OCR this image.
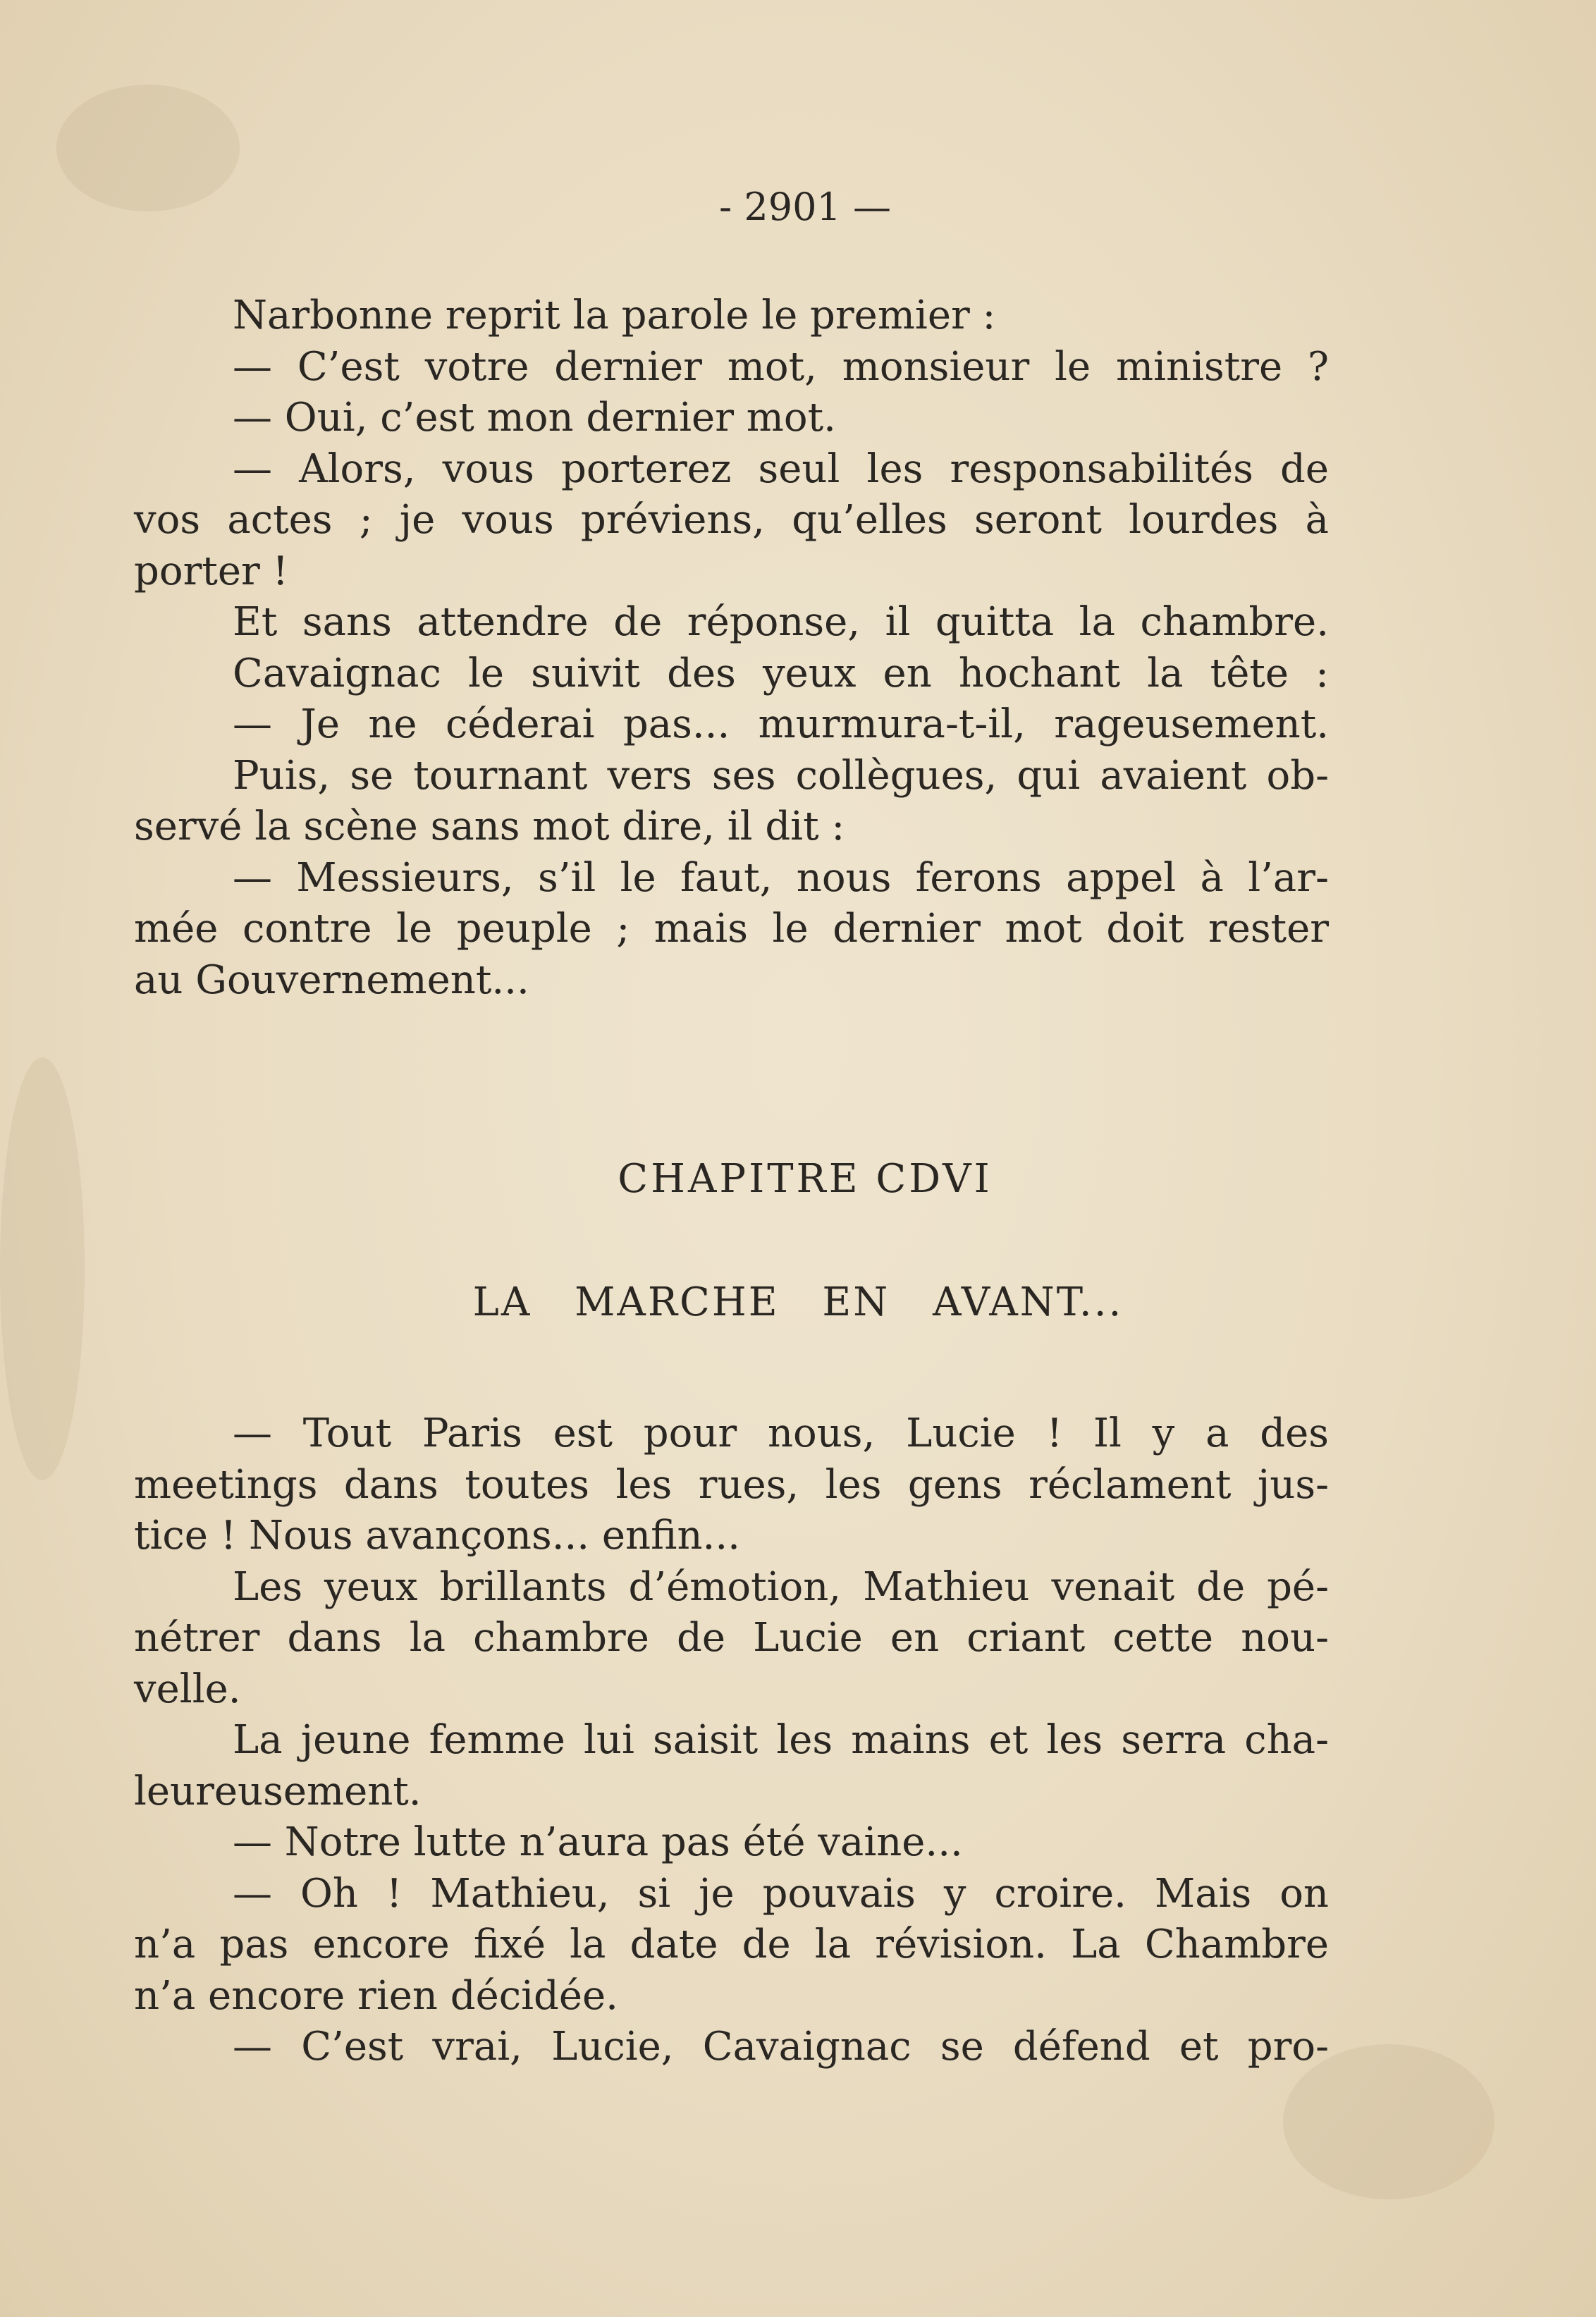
- 2901 —
Narbonne reprit la parole le premier :
— C’est votre dernier mot, monsieur le ministre ?
— Oui, c’est mon dernier mot.
— Alors, vous porterez seul les responsabilités de
vos actes ; je vous préviens, qu’elles seront lourdes à
porter !
Et sans attendre de réponse, il quitta la chambre.
Cavaignac le suivit des yeux en hochant la tête :
— Je ne céderai pas... murmura-t-il, rageusement.
Puis, se tournant vers ses collègues, qui avaient ob-
servé la scène sans mot dire, il dit :
— Messieurs, s’il le faut, nous ferons appel à l’ar-
mée contre le peuple ; mais le dernier mot doit rester
au Gouvernement...
CHAPITRE CDVI
LA MARCHE EN AVANT...
— Tout Paris est pour nous, Lucie ! Il y a des
meetings dans toutes les rues, les gens réclament jus-
tice ! Nous avançons... enfin...
Les yeux brillants d’émotion, Mathieu venait de pé-
nétrer dans la chambre de Lucie en criant cette nou-
velle.
La jeune femme lui saisit les mains et les serra cha-
leureusement.
— Notre lutte n’aura pas été vaine...
— Oh ! Mathieu, si je pouvais y croire. Mais on
n’a pas encore fixé la date de la révision. La Chambre
n’a encore rien décidée.
— C’est vrai, Lucie, Cavaignac se défend et pro-
